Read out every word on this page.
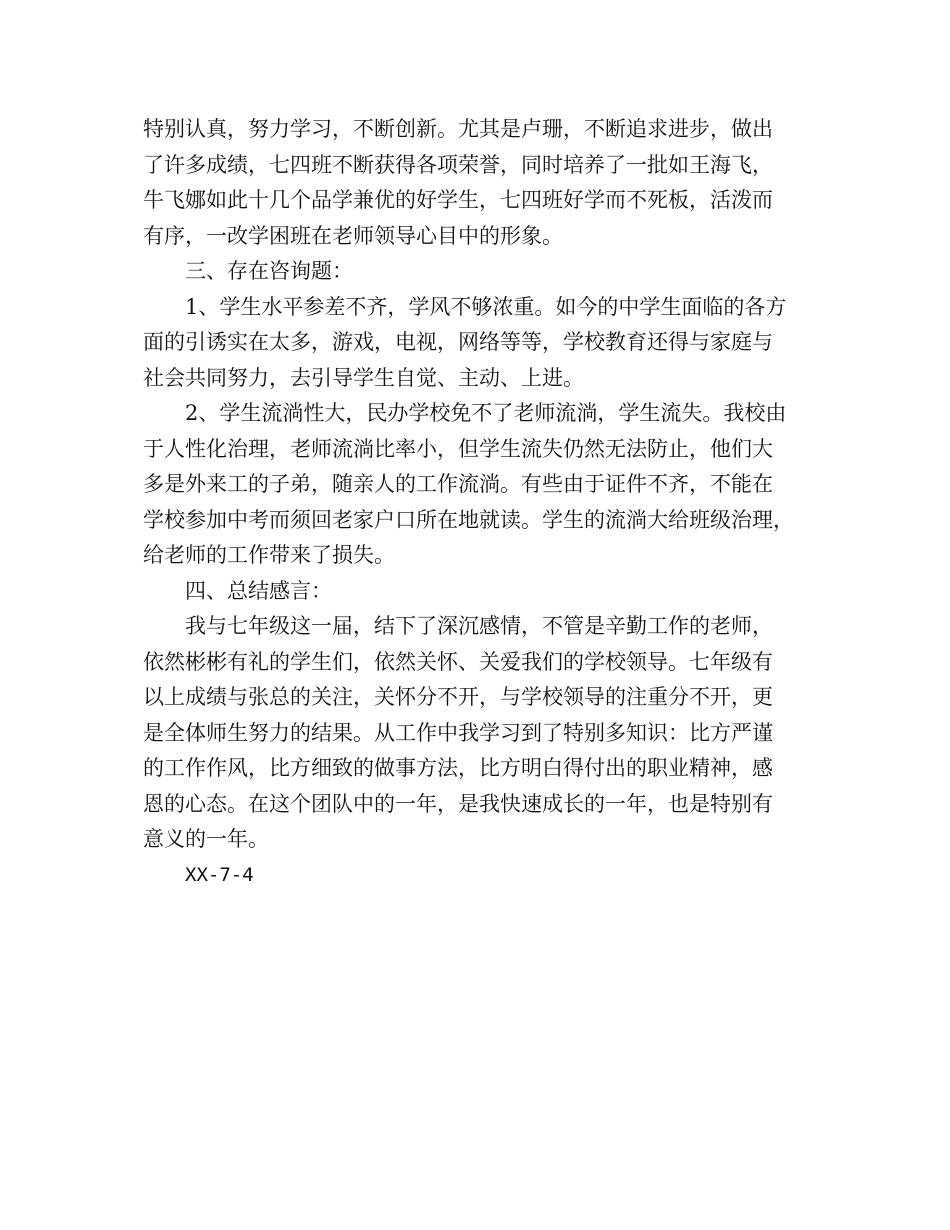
特别认真，努力学习，不断创新。尤其是卢珊，不断追求进步，做出
了许多成绩，七四班不断获得各项荣誉，同时培养了一批如王海飞，
牛飞娜如此十几个品学兼优的好学生，七四班好学而不死板，活泼而
有序，一改学困班在老师领导心目中的形象。
三、存在咨询题：
1、学生水平参差不齐，学风不够浓重。如今的中学生面临的各方
面的引诱实在太多，游戏，电视，网络等等，学校教育还得与家庭与
社会共同努力，去引导学生自觉、主动、上进。
2、学生流淌性大，民办学校免不了老师流淌，学生流失。我校由
于人性化治理，老师流淌比率小，但学生流失仍然无法防止，他们大
多是外来工的子弟，随亲人的工作流淌。有些由于证件不齐，不能在
学校参加中考而须回老家户口所在地就读。学生的流淌大给班级治理，
给老师的工作带来了损失。
四、总结感言：
我与七年级这一届，结下了深沉感情，不管是辛勤工作的老师，
依然彬彬有礼的学生们，依然关怀、关爱我们的学校领导。七年级有
以上成绩与张总的关注，关怀分不开，与学校领导的注重分不开，更
是全体师生努力的结果。从工作中我学习到了特别多知识：比方严谨
的工作作风，比方细致的做事方法，比方明白得付出的职业精神，感
恩的心态。在这个团队中的一年，是我快速成长的一年，也是特别有
意义的一年。
XX-7-4
